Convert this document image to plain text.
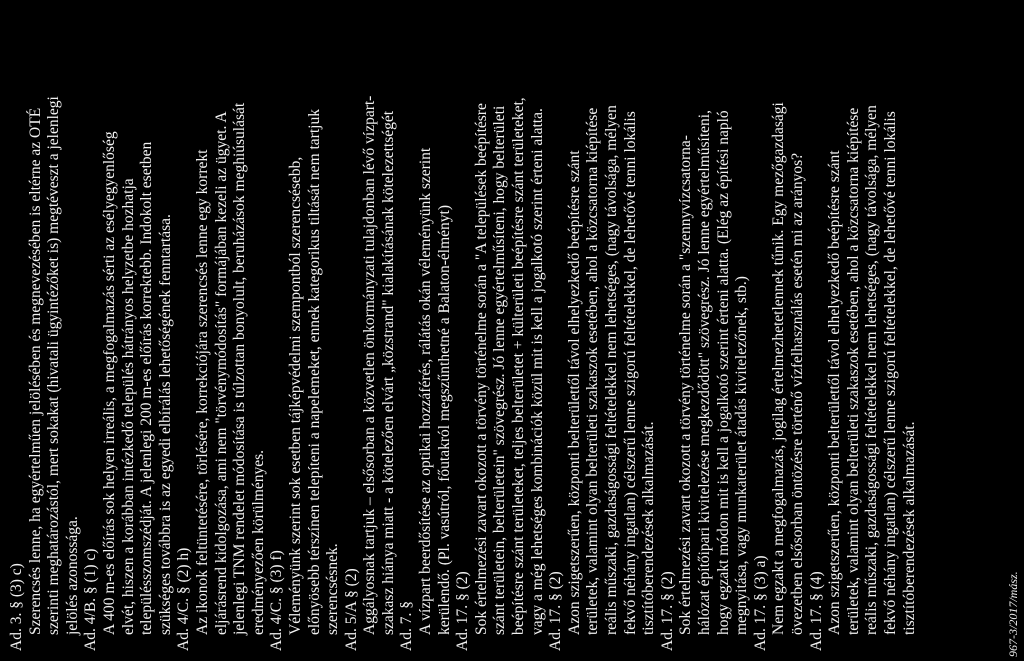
Ad. 3. § (3) c) Szerencsés lenne, ha egyértelműen jelölésében és megnevezésében is eltérne az OTÉ szerinti meghatározástól, mert sokakat (hivatali ügyintézőket is) megtéveszt a jelenlegi jelölés azonossága. Ad. 4/B. § (1) c) A 400 m-es előírás sok helyen irreális, a megfogalmazás sérti az esélyegyenlőség elvét, hiszen a korábban intézkedő település hátrányos helyzetbe hozhatja településszomszédját. A jelenlegi 200 m-es előírás korrektebb. Indokolt esetben szükséges továbbra is az egyedi elbírálás lehetőségének fenntartása. Ad. 4/C. § (2) h) Az ikonok feltüntetésére, törlésére, korrekciójára szerencsés lenne egy korrekt eljárásrend kidolgozása, ami nem "törvénymódosítás" formájában kezeli az ügyet. A jelenlegi TNM rendelet módosítása is túlzottan bonyolult, beruházások meghiúsulását eredményezően körülményes. Ad. 4/C. § (3) f) Véleményünk szerint sok esetben tájképvédelmi szempontból szerencsésebb, előnyösebb térszínen telepíteni a napelemeket, ennek kategorikus tiltását nem tartjuk szerencsésnek. Ad. 5/A § (2) Aggályosnak tartjuk – elsősorban a közvetlen önkormányzati tulajdonban lévő vízpart- szakasz hiánya miatt - a kötelezően elvárt „közstrand" kialakításának kötelezettségét Ad. 7. § A vízpart beerdősítése az optikai hozzáférés, rálátás okán véleményünk szerint kerülendő. (Pl. vasútról, főutakról megszűnthetné a Balaton-élményt) Ad. 17. § (2) Sok értelmezési zavart okozott a törvény történelme során a "A települések beépítésre szánt területein, belterületein" szövegrész. Jó lenne egyértelműsíteni, hogy belterületi beépítésre szánt területeket, teljes belterületet + külterületi beépítésre szánt területeket, vagy a még lehetséges kombinációk közül mit is kell a jogalkotó szerint érteni alatta. Ad. 17. § (2) Azon szigetszerűen, központi belterülettől távol elhelyezkedő beépítésre szánt területek, valamint olyan belterületi szakaszok esetében, ahol a közcsatorna kiépítése reális műszaki, gazdaságossági feltételekkel nem lehetséges, (nagy távolsága, mélyen fekvő néhány ingatlan) célszerű lenne szigorú feltételekkel, de lehetővé tenni lokális tisztítóberendezések alkalmazását. Ad. 17. § (2) Sok értelmezési zavart okozott a törvény történelme során a "szennyvízcsatorna- hálózat építőipari kivitelezése megkezdődött" szövegrész. Jó lenne egyértelműsíteni, hogy egzakt módon mit is kell a jogalkotó szerint érteni alatta. (Elég az építési napló megnyitása, vagy munkaterület átadás kivitelezőnek, stb.) Ad. 17. § (3) a) Nem egzakt a megfogalmazás, jogilag értelmezhetetlennek tűnik. Egy mezőgazdasági övezetben elsősorban öntözésre történő vízfelhasználás esetén mi az arányos? Ad. 17. § (4) Azon szigetszerűen, központi belterülettől távol elhelyezkedő beépítésre szánt területek, valamint olyan belterületi szakaszok esetében, ahol a közcsatorna kiépítése reális műszaki, gazdaságossági feltételekkel nem lehetséges, (nagy távolsága, mélyen fekvő néhány ingatlan) célszerű lenne szigorú feltételekkel, de lehetővé tenni lokális tisztítóberendezések alkalmazását.	967-3/2017/mász.
